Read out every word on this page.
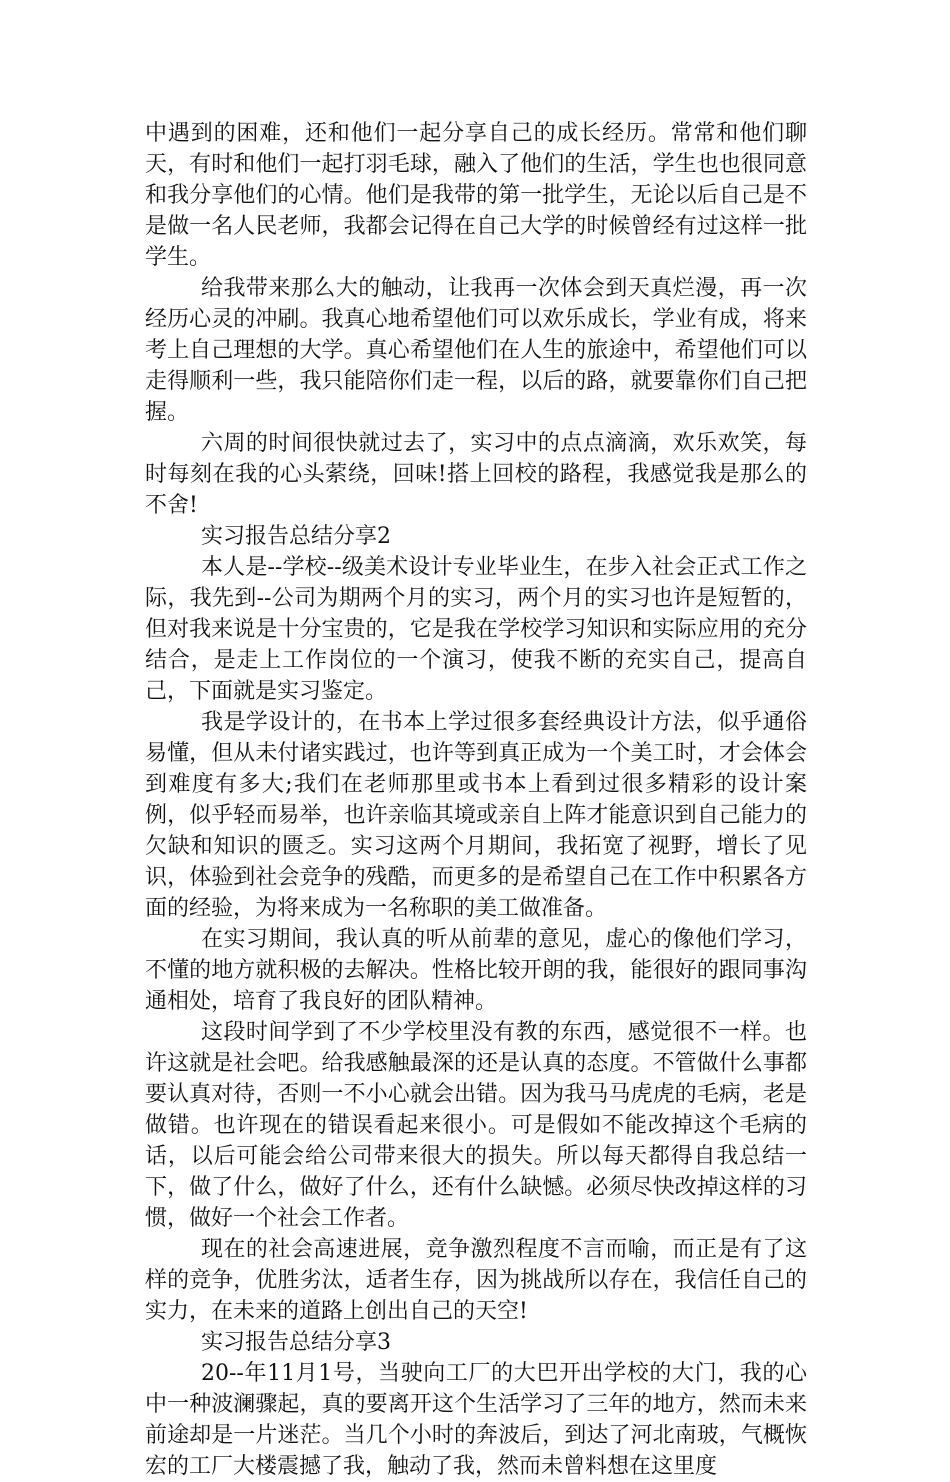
中遇到的困难，还和他们一起分享自己的成长经历。常常和他们聊天，有时和他们一起打羽毛球，融入了他们的生活，学生也也很同意和我分享他们的心情。他们是我带的第一批学生，无论以后自己是不是做一名人民老师，我都会记得在自己大学的时候曾经有过这样一批学生。

给我带来那么大的触动，让我再一次体会到天真烂漫，再一次经历心灵的冲刷。我真心地希望他们可以欢乐成长，学业有成，将来考上自己理想的大学。真心希望他们在人生的旅途中，希望他们可以走得顺利一些，我只能陪你们走一程，以后的路，就要靠你们自己把握。

六周的时间很快就过去了，实习中的点点滴滴，欢乐欢笑，每时每刻在我的心头萦绕，回味!搭上回校的路程，我感觉我是那么的不舍!

实习报告总结分享2

本人是--学校--级美术设计专业毕业生，在步入社会正式工作之际，我先到--公司为期两个月的实习，两个月的实习也许是短暂的，但对我来说是十分宝贵的，它是我在学校学习知识和实际应用的充分结合，是走上工作岗位的一个演习，使我不断的充实自己，提高自己，下面就是实习鉴定。

我是学设计的，在书本上学过很多套经典设计方法，似乎通俗易懂，但从未付诸实践过，也许等到真正成为一个美工时，才会体会到难度有多大;我们在老师那里或书本上看到过很多精彩的设计案例，似乎轻而易举，也许亲临其境或亲自上阵才能意识到自己能力的欠缺和知识的匮乏。实习这两个月期间，我拓宽了视野，增长了见识，体验到社会竞争的残酷，而更多的是希望自己在工作中积累各方面的经验，为将来成为一名称职的美工做准备。

在实习期间，我认真的听从前辈的意见，虚心的像他们学习，不懂的地方就积极的去解决。性格比较开朗的我，能很好的跟同事沟通相处，培育了我良好的团队精神。

这段时间学到了不少学校里没有教的东西，感觉很不一样。也许这就是社会吧。给我感触最深的还是认真的态度。不管做什么事都要认真对待，否则一不小心就会出错。因为我马马虎虎的毛病，老是做错。也许现在的错误看起来很小。可是假如不能改掉这个毛病的话，以后可能会给公司带来很大的损失。所以每天都得自我总结一下，做了什么，做好了什么，还有什么缺憾。必须尽快改掉这样的习惯，做好一个社会工作者。

现在的社会高速进展，竞争激烈程度不言而喻，而正是有了这样的竞争，优胜劣汰，适者生存，因为挑战所以存在，我信任自己的实力，在未来的道路上创出自己的天空!

实习报告总结分享3

20--年11月1号，当驶向工厂的大巴开出学校的大门，我的心中一种波澜骤起，真的要离开这个生活学习了三年的地方，然而未来前途却是一片迷茫。当几个小时的奔波后，到达了河北南玻，气概恢宏的工厂大楼震撼了我，触动了我，然而未曾料想在这里度
